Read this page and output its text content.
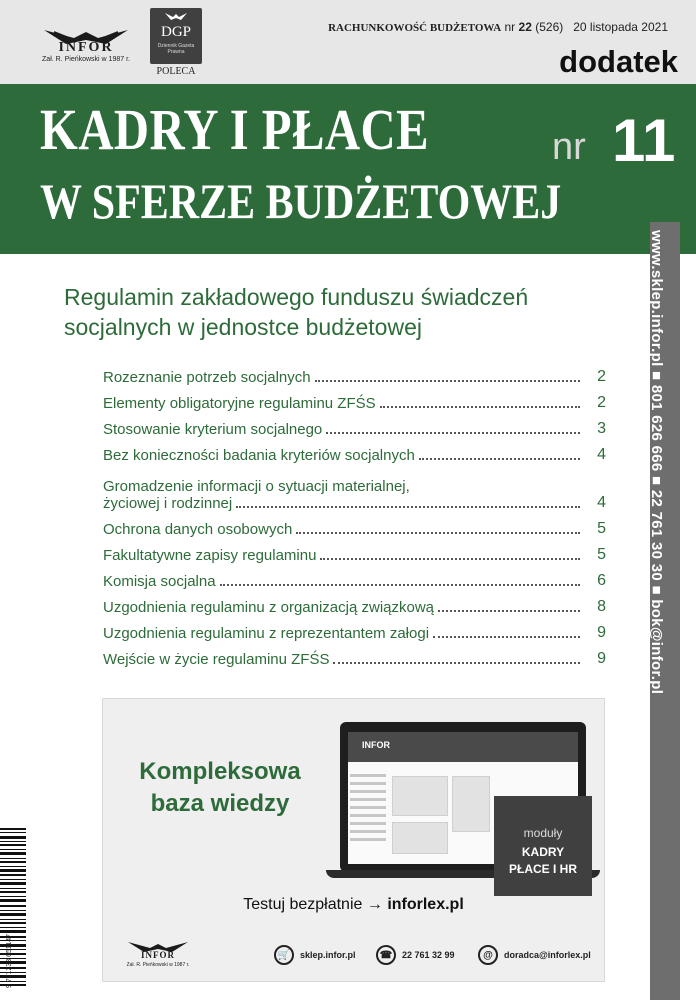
INFOR
Zał. R. Pieńkowski w 1987 r.
DGP
Dziennik Gazeta Prawna
POLECA
RACHUNKOWOŚĆ BUDŻETOWA nr 22 (526) 20 listopada 2021
dodatek
KADRY I PŁACE
W SFERZE BUDŻETOWEJ
nr 11
www.sklep.infor.pl ■ 801 626 666 ■ 22 761 30 30 ■ bok@infor.pl
Regulamin zakładowego funduszu świadczeń socjalnych w jednostce budżetowej
Rozeznanie potrzeb socjalnych	2
Elementy obligatoryjne regulaminu ZFŚS	2
Stosowanie kryterium socjalnego	3
Bez konieczności badania kryteriów socjalnych	4
Gromadzenie informacji o sytuacji materialnej,
życiowej i rodzinnej	4
Ochrona danych osobowych	5
Fakultatywne zapisy regulaminu	5
Komisja socjalna	6
Uzgodnienia regulaminu z organizacją związkową	8
Uzgodnienia regulaminu z reprezentantem załogi	9
Wejście w życie regulaminu ZFŚS	9
Kompleksowa
baza wiedzy
INFOR
moduły
KADRY
PŁACE I HR
Testuj bezpłatnie → inforlex.pl
INFOR
Zał. R. Pieńkowski w 1987 r.
🛒	sklep.infor.pl	☎	22 761 32 99	@	doradca@inforlex.pl
9 771233 651147
